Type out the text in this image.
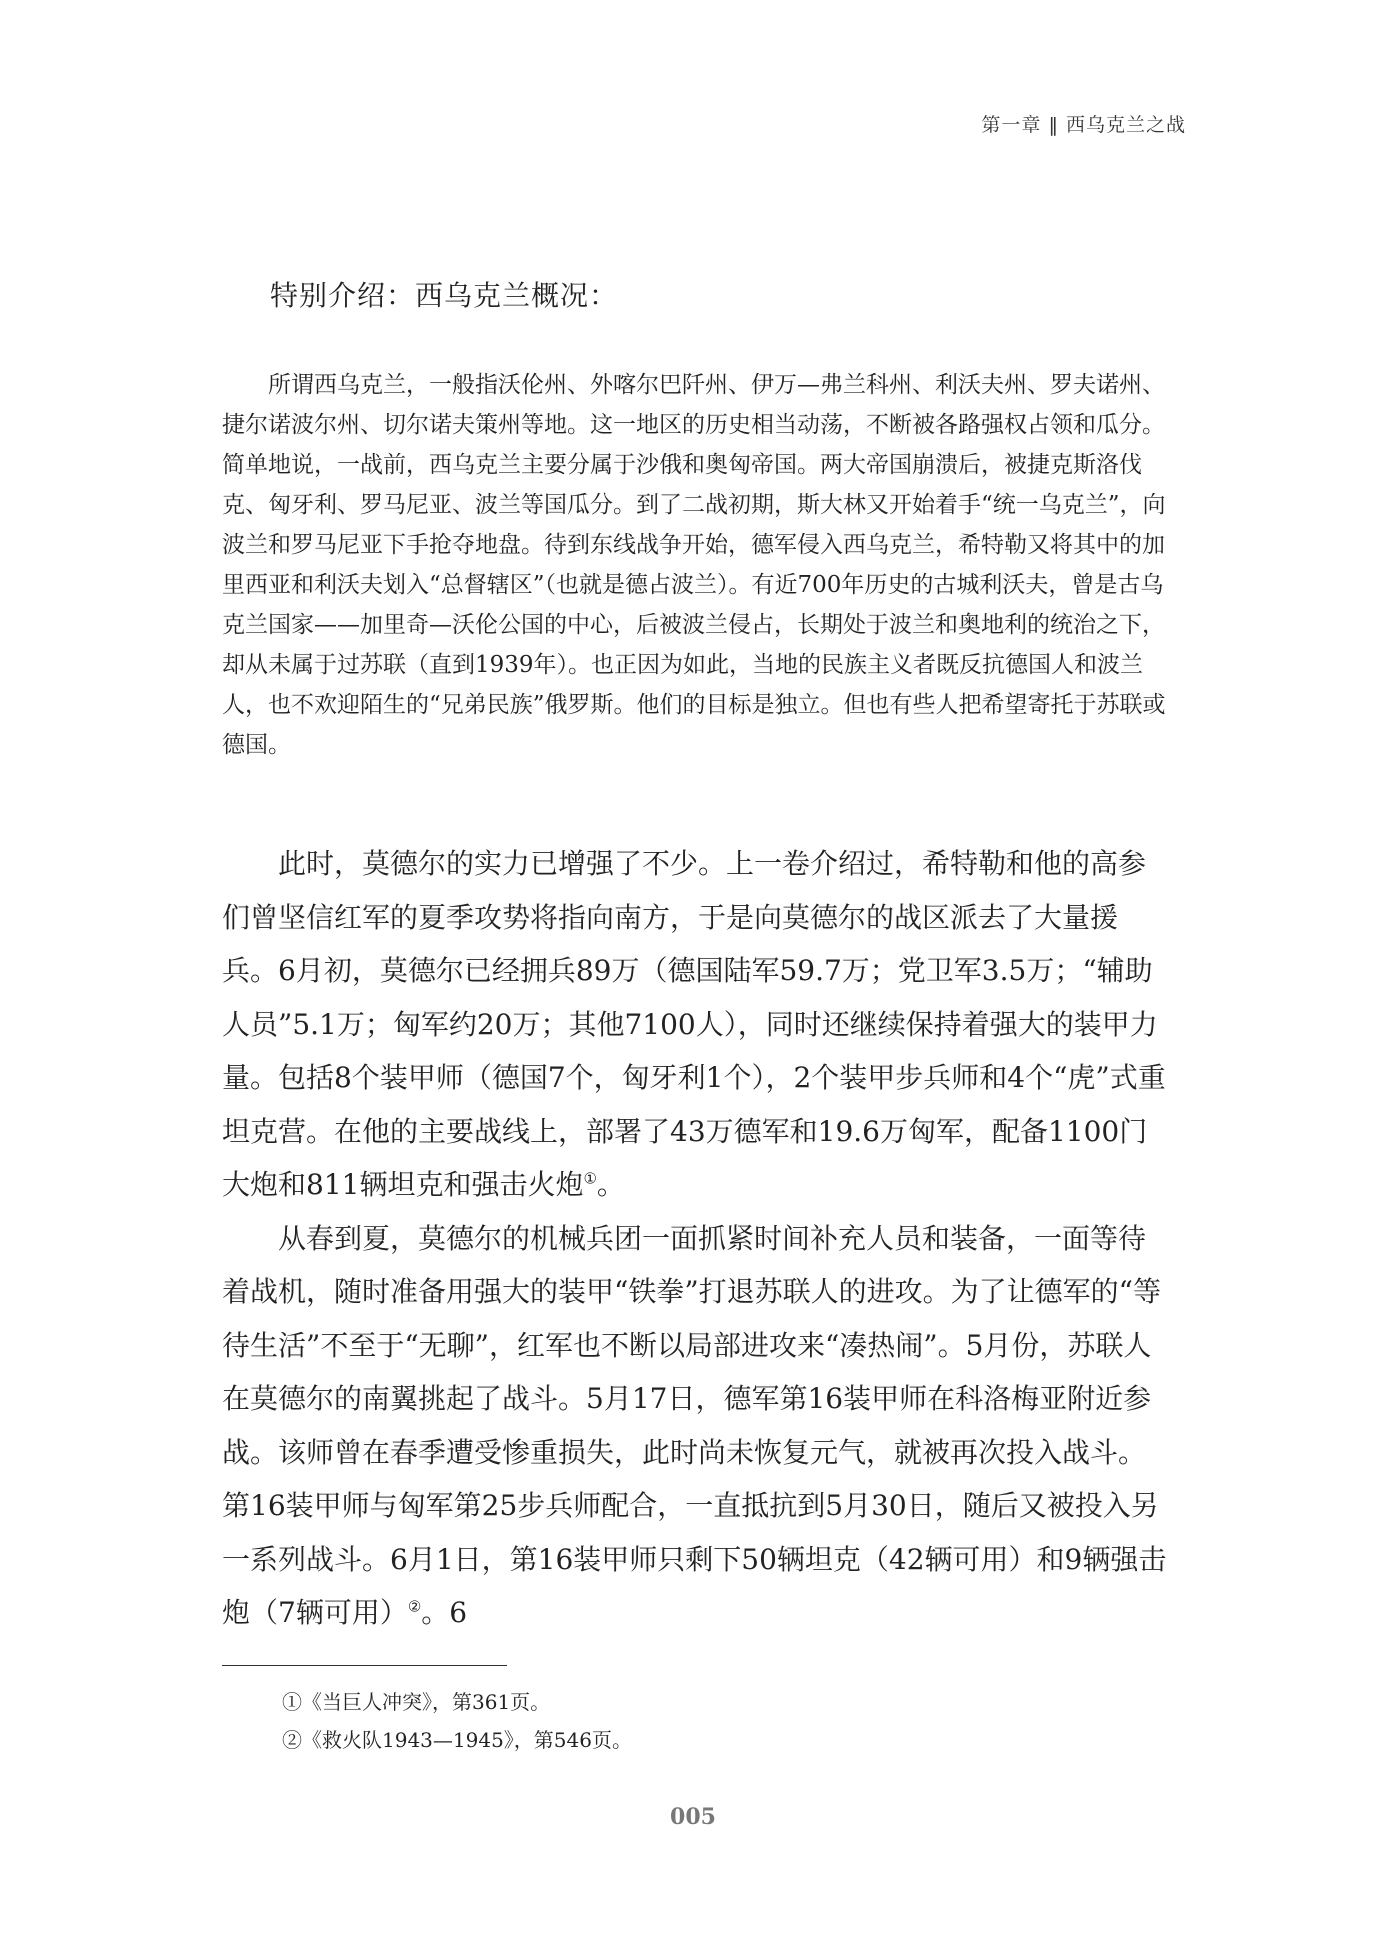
第一章 ‖ 西乌克兰之战
特别介绍：西乌克兰概况：

所谓西乌克兰，一般指沃伦州、外喀尔巴阡州、伊万—弗兰科州、利沃夫州、罗夫诺州、捷尔诺波尔州、切尔诺夫策州等地。这一地区的历史相当动荡，不断被各路强权占领和瓜分。简单地说，一战前，西乌克兰主要分属于沙俄和奥匈帝国。两大帝国崩溃后，被捷克斯洛伐克、匈牙利、罗马尼亚、波兰等国瓜分。到了二战初期，斯大林又开始着手“统一乌克兰”，向波兰和罗马尼亚下手抢夺地盘。待到东线战争开始，德军侵入西乌克兰，希特勒又将其中的加里西亚和利沃夫划入“总督辖区”（也就是德占波兰）。有近700年历史的古城利沃夫，曾是古乌克兰国家——加里奇—沃伦公国的中心，后被波兰侵占，长期处于波兰和奥地利的统治之下，却从未属于过苏联（直到1939年）。也正因为如此，当地的民族主义者既反抗德国人和波兰人，也不欢迎陌生的“兄弟民族”俄罗斯。他们的目标是独立。但也有些人把希望寄托于苏联或德国。

此时，莫德尔的实力已增强了不少。上一卷介绍过，希特勒和他的高参们曾坚信红军的夏季攻势将指向南方，于是向莫德尔的战区派去了大量援兵。6月初，莫德尔已经拥兵89万（德国陆军59.7万；党卫军3.5万；“辅助人员”5.1万；匈军约20万；其他7100人），同时还继续保持着强大的装甲力量。包括8个装甲师（德国7个，匈牙利1个），2个装甲步兵师和4个“虎”式重坦克营。在他的主要战线上，部署了43万德军和19.6万匈军，配备1100门大炮和811辆坦克和强击火炮①。

从春到夏，莫德尔的机械兵团一面抓紧时间补充人员和装备，一面等待着战机，随时准备用强大的装甲“铁拳”打退苏联人的进攻。为了让德军的“等待生活”不至于“无聊”，红军也不断以局部进攻来“凑热闹”。5月份，苏联人在莫德尔的南翼挑起了战斗。5月17日，德军第16装甲师在科洛梅亚附近参战。该师曾在春季遭受惨重损失，此时尚未恢复元气，就被再次投入战斗。第16装甲师与匈军第25步兵师配合，一直抵抗到5月30日，随后又被投入另一系列战斗。6月1日，第16装甲师只剩下50辆坦克（42辆可用）和9辆强击炮（7辆可用）②。6

①《当巨人冲突》，第361页。
②《救火队1943—1945》，第546页。
005
